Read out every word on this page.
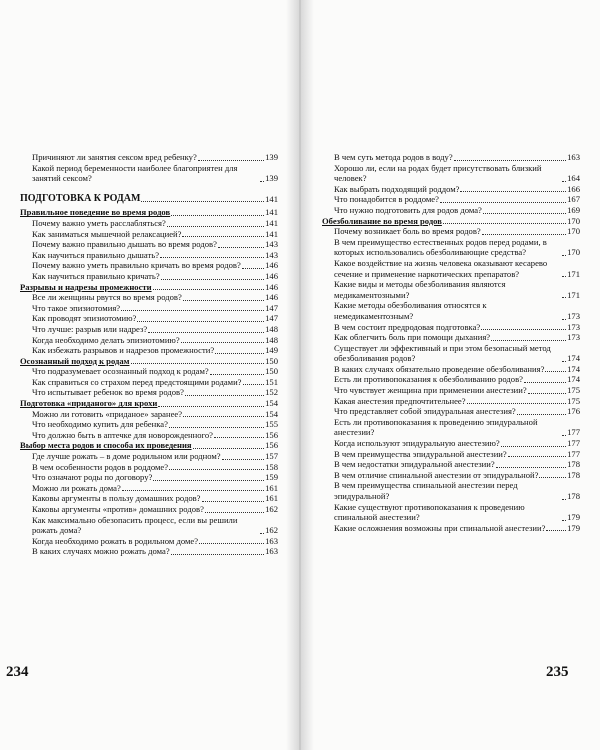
Причиняют ли занятия сексом вред ребенку?	139
Какой период беременности наиболее благоприятен для занятий сексом?	139
ПОДГОТОВКА К РОДАМ	141
Правильное поведение во время родов	141
Почему важно уметь расслабляться?	141
Как заниматься мышечной релаксацией?	141
Почему важно правильно дышать во время родов?	143
Как научиться правильно дышать?	143
Почему важно уметь правильно кричать во время родов?	146
Как научиться правильно кричать?	146
Разрывы и надрезы промежности	146
Все ли женщины рвутся во время родов?	146
Что такое эпизиотомия?	147
Как проводят эпизиотомию?	147
Что лучше: разрыв или надрез?	148
Когда необходимо делать эпизиотомию?	148
Как избежать разрывов и надрезов промежности?	149
Осознанный подход к родам	150
Что подразумевает осознанный подход к родам?	150
Как справиться со страхом перед предстоящими родами?	151
Что испытывает ребенок во время родов?	152
Подготовка «приданого» для крохи	154
Можно ли готовить «приданое» заранее?	154
Что необходимо купить для ребенка?	155
Что должно быть в аптечке для новорожденного?	156
Выбор места родов и способа их проведения	156
Где лучше рожать – в доме родильном или родном?	157
В чем особенности родов в роддоме?	158
Что означают роды по договору?	159
Можно ли рожать дома?	161
Каковы аргументы в пользу домашних родов?	161
Каковы аргументы «против» домашних родов?	162
Как максимально обезопасить процесс, если вы решили рожать дома?	162
Когда необходимо рожать в родильном доме?	163
В каких случаях можно рожать дома?	163
В чем суть метода родов в воду?	163
Хорошо ли, если на родах будет присутствовать близкий человек?	164
Как выбрать подходящий роддом?	166
Что понадобится в роддоме?	167
Что нужно подготовить для родов дома?	169
Обезболивание во время родов	170
Почему возникает боль во время родов?	170
В чем преимущество естественных родов перед родами, в которых использовались обезболивающие средства?	170
Какое воздействие на жизнь человека оказывают кесарево сечение и применение наркотических препаратов?	171
Какие виды и методы обезболивания являются медикаментозными?	171
Какие методы обезболивания относятся к немедикаментозным?	173
В чем состоит предродовая подготовка?	173
Как облегчить боль при помощи дыхания?	173
Существует ли эффективный и при этом безопасный метод обезболивания родов?	174
В каких случаях обязательно проведение обезболивания?	174
Есть ли противопоказания к обезболиванию родов?	174
Что чувствует женщина при применении анестезии?	175
Какая анестезия предпочтительнее?	175
Что представляет собой эпидуральная анестезия?	176
Есть ли противопоказания к проведению эпидуральной анестезии?	177
Когда используют эпидуральную анестезию?	177
В чем преимущества эпидуральной анестезии?	177
В чем недостатки эпидуральной анестезии?	178
В чем отличие спинальной анестезии от эпидуральной?	178
В чем преимущества спинальной анестезии перед эпидуральной?	178
Какие существуют противопоказания к проведению спинальной анестезии?	179
Какие осложнения возможны при спинальной анестезии?	179
234	235
